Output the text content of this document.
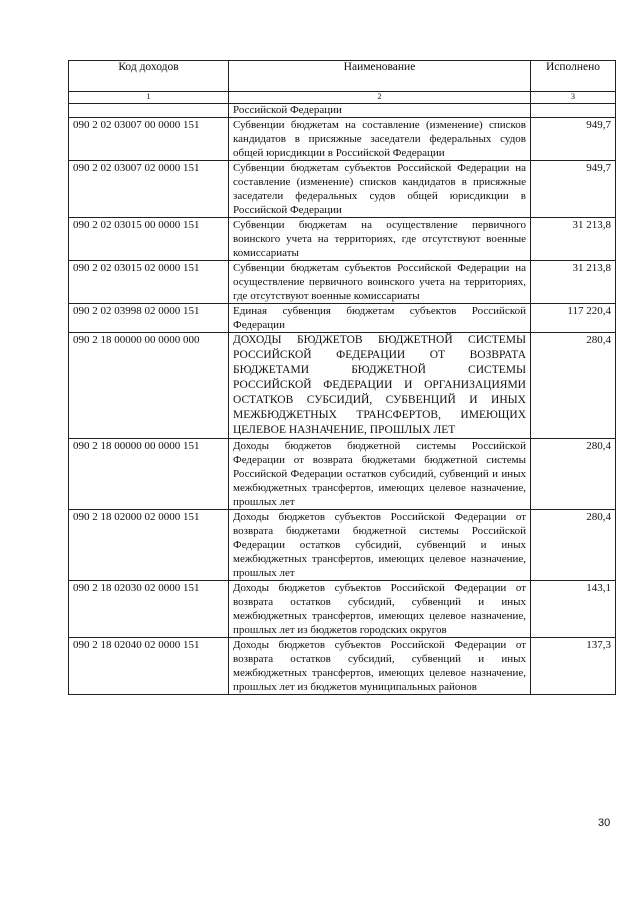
Код доходов	Наименование	Исполнено
1	2	3
	Российской Федерации	
090 2 02 03007 00 0000 151	Субвенции бюджетам на составление (изменение) списков кандидатов в присяжные заседатели федеральных судов общей юрисдикции в Российской Федерации	949,7
090 2 02 03007 02 0000 151	Субвенции бюджетам субъектов Российской Федерации на составление (изменение) списков кандидатов в присяжные заседатели федеральных судов общей юрисдикции в Российской Федерации	949,7
090 2 02 03015 00 0000 151	Субвенции бюджетам на осуществление первичного воинского учета на территориях, где отсутствуют военные комиссариаты	31 213,8
090 2 02 03015 02 0000 151	Субвенции бюджетам субъектов Российской Федерации на осуществление первичного воинского учета на территориях, где отсутствуют военные комиссариаты	31 213,8
090 2 02 03998 02 0000 151	Единая субвенция бюджетам субъектов Российской Федерации	117 220,4
090 2 18 00000 00 0000 000	ДОХОДЫ БЮДЖЕТОВ БЮДЖЕТНОЙ СИСТЕМЫ РОССИЙСКОЙ ФЕДЕРАЦИИ ОТ ВОЗВРАТА БЮДЖЕТАМИ БЮДЖЕТНОЙ СИСТЕМЫ РОССИЙСКОЙ ФЕДЕРАЦИИ И ОРГАНИЗАЦИЯМИ ОСТАТКОВ СУБСИДИЙ, СУБВЕНЦИЙ И ИНЫХ МЕЖБЮДЖЕТНЫХ ТРАНСФЕРТОВ, ИМЕЮЩИХ ЦЕЛЕВОЕ НАЗНАЧЕНИЕ, ПРОШЛЫХ ЛЕТ	280,4
090 2 18 00000 00 0000 151	Доходы бюджетов бюджетной системы Российской Федерации от возврата бюджетами бюджетной системы Российской Федерации остатков субсидий, субвенций и иных межбюджетных трансфертов, имеющих целевое назначение, прошлых лет	280,4
090 2 18 02000 02 0000 151	Доходы бюджетов субъектов Российской Федерации от возврата бюджетами бюджетной системы Российской Федерации остатков субсидий, субвенций и иных межбюджетных трансфертов, имеющих целевое назначение, прошлых лет	280,4
090 2 18 02030 02 0000 151	Доходы бюджетов субъектов Российской Федерации от возврата остатков субсидий, субвенций и иных межбюджетных трансфертов, имеющих целевое назначение, прошлых лет из бюджетов городских округов	143,1
090 2 18 02040 02 0000 151	Доходы бюджетов субъектов Российской Федерации от возврата остатков субсидий, субвенций и иных межбюджетных трансфертов, имеющих целевое назначение, прошлых лет из бюджетов муниципальных районов	137,3
30
